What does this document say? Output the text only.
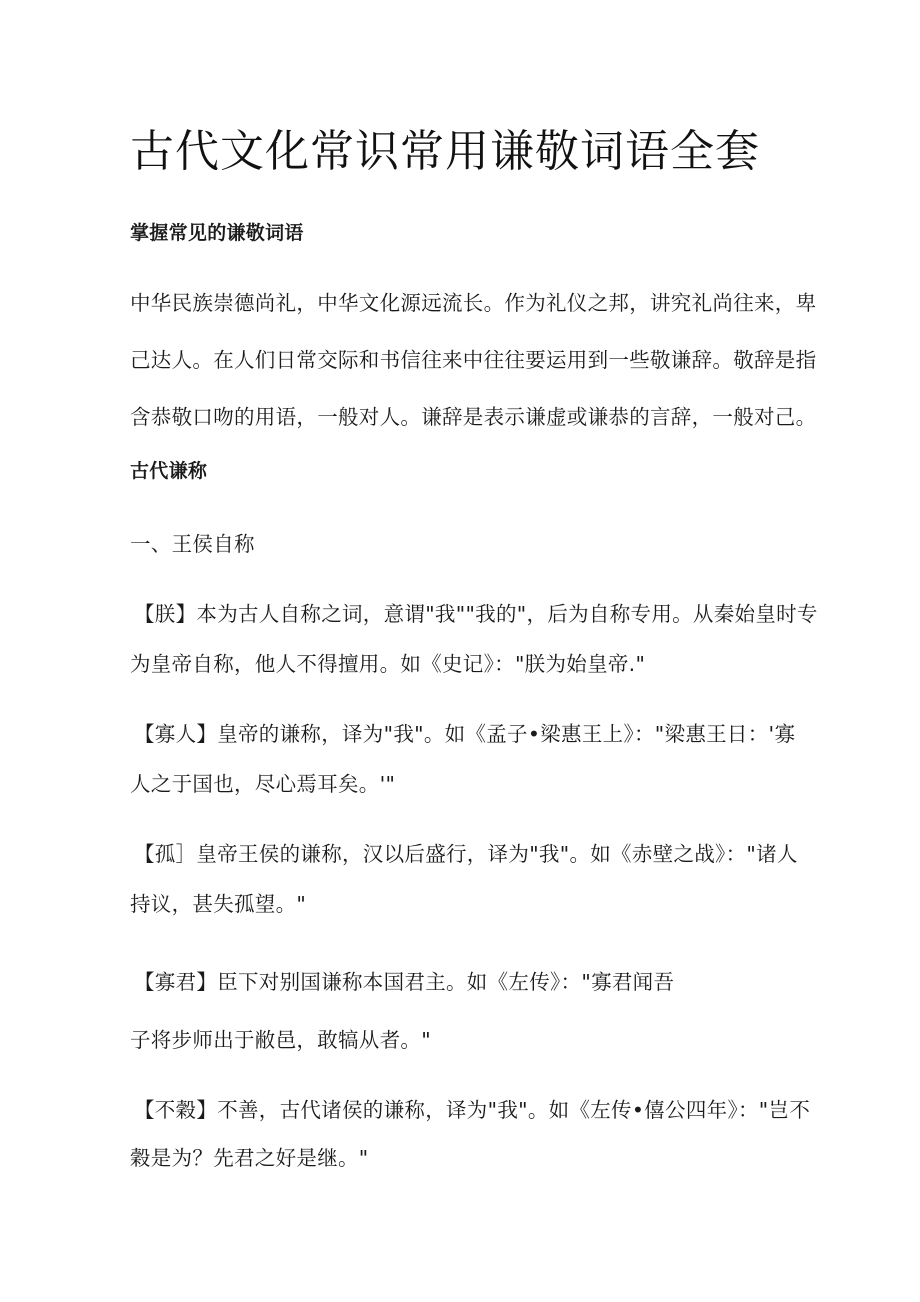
古代文化常识常用谦敬词语全套
掌握常见的谦敬词语
中华民族崇德尚礼，中华文化源远流长。作为礼仪之邦，讲究礼尚往来，卑
己达人。在人们日常交际和书信往来中往往要运用到一些敬谦辞。敬辞是指
含恭敬口吻的用语，一般对人。谦辞是表示谦虚或谦恭的言辞，一般对己。
古代谦称
一、王侯自称
【朕】本为古人自称之词，意谓"我""我的"，后为自称专用。从秦始皇时专
为皇帝自称，他人不得擅用。如《史记》："朕为始皇帝."
【寡人】皇帝的谦称，译为"我"。如《孟子•梁惠王上》："梁惠王日：'寡
人之于国也，尽心焉耳矣。'"
【孤］皇帝王侯的谦称，汉以后盛行，译为"我"。如《赤壁之战》："诸人
持议，甚失孤望。"
【寡君】臣下对别国谦称本国君主。如《左传》："寡君闻吾
子将步师出于敝邑，敢犒从者。"
【不穀】不善，古代诸侯的谦称，译为"我"。如《左传•僖公四年》："岂不
穀是为？先君之好是继。"
